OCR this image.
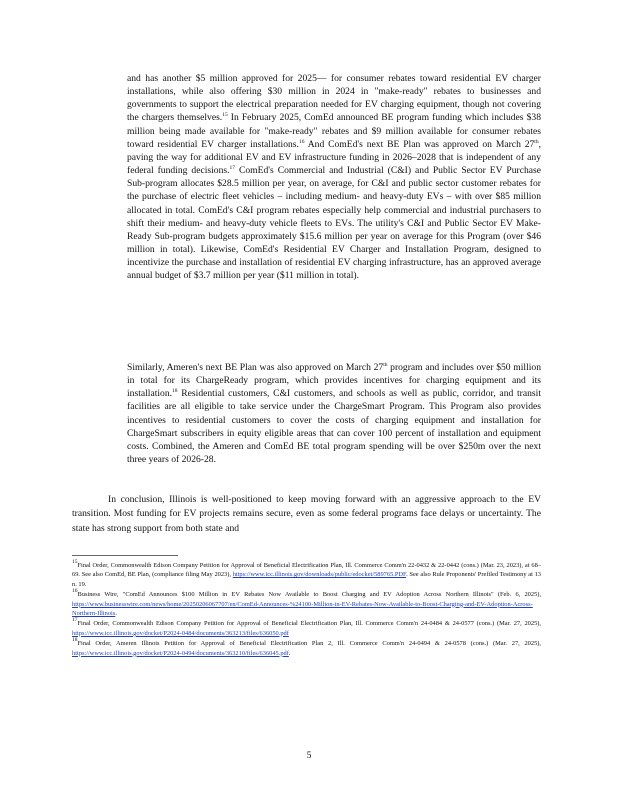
and has another $5 million approved for 2025— for consumer rebates toward residential EV charger installations, while also offering $30 million in 2024 in "make-ready" rebates to businesses and governments to support the electrical preparation needed for EV charging equipment, though not covering the chargers themselves.$^{15}$ In February 2025, ComEd announced BE program funding which includes $38 million being made available for "make-ready" rebates and $9 million available for consumer rebates toward residential EV charger installations.$^{16}$ And ComEd's next BE Plan was approved on March 27th, paving the way for additional EV and EV infrastructure funding in 2026–2028 that is independent of any federal funding decisions.$^{17}$ ComEd's Commercial and Industrial (C&I) and Public Sector EV Purchase Sub-program allocates $28.5 million per year, on average, for C&I and public sector customer rebates for the purchase of electric fleet vehicles – including medium- and heavy-duty EVs – with over $85 million allocated in total. ComEd's C&I program rebates especially help commercial and industrial purchasers to shift their medium- and heavy-duty vehicle fleets to EVs. The utility's C&I and Public Sector EV Make-Ready Sub-program budgets approximately $15.6 million per year on average for this Program (over $46 million in total). Likewise, ComEd's Residential EV Charger and Installation Program, designed to incentivize the purchase and installation of residential EV charging infrastructure, has an approved average annual budget of $3.7 million per year ($11 million in total).

Similarly, Ameren's next BE Plan was also approved on March 27th program and includes over $50 million in total for its ChargeReady program, which provides incentives for charging equipment and its installation.$^{18}$ Residential customers, C&I customers, and schools as well as public, corridor, and transit facilities are all eligible to take service under the ChargeSmart Program. This Program also provides incentives to residential customers to cover the costs of charging equipment and installation for ChargeSmart subscribers in equity eligible areas that can cover 100 percent of installation and equipment costs. Combined, the Ameren and ComEd BE total program spending will be over $250m over the next three years of 2026-28.

In conclusion, Illinois is well-positioned to keep moving forward with an aggressive approach to the EV transition. Most funding for EV projects remains secure, even as some federal programs face delays or uncertainty. The state has strong support from both state and

$^{15}$Final Order, Commonwealth Edison Company Petition for Approval of Beneficial Electrification Plan, Ill. Commerce Comm'n 22-0432 & 22-0442 (cons.) (Mar. 23, 2023), at 68–69. See also ComEd, BE Plan, (compliance filing May 2023), https://www.icc.illinois.gov/downloads/public/edocket/589765.PDF. See also Rule Proponents' Prefiled Testimony at 13 n. 19.

$^{16}$Business Wire, "ComEd Announces $100 Million in EV Rebates Now Available to Boost Charging and EV Adoption Across Northern Illinois" (Feb. 6, 2025), https://www.businesswire.com/news/home/20250206067707/en/ComEd-Announces-%24100-Million-in-EV-Rebates-Now-Available-to-Boost-Charging-and-EV-Adoption-Across-Northern-Illinois.

$^{17}$Final Order, Commonwealth Edison Company Petition for Approval of Beneficial Electrification Plan, Ill. Commerce Comm'n 24-0484 & 24-0577 (cons.) (Mar. 27, 2025), https://www.icc.illinois.gov/docket/P2024-0484/documents/363213/files/636050.pdf

$^{18}$Final Order, Ameren Illinois Petition for Approval of Beneficial Electrification Plan 2, Ill. Commerce Comm'n 24-0494 & 24-0578 (cons.) (Mar. 27, 2025), https://www.icc.illinois.gov/docket/P2024-0494/documents/363210/files/636045.pdf.

5
